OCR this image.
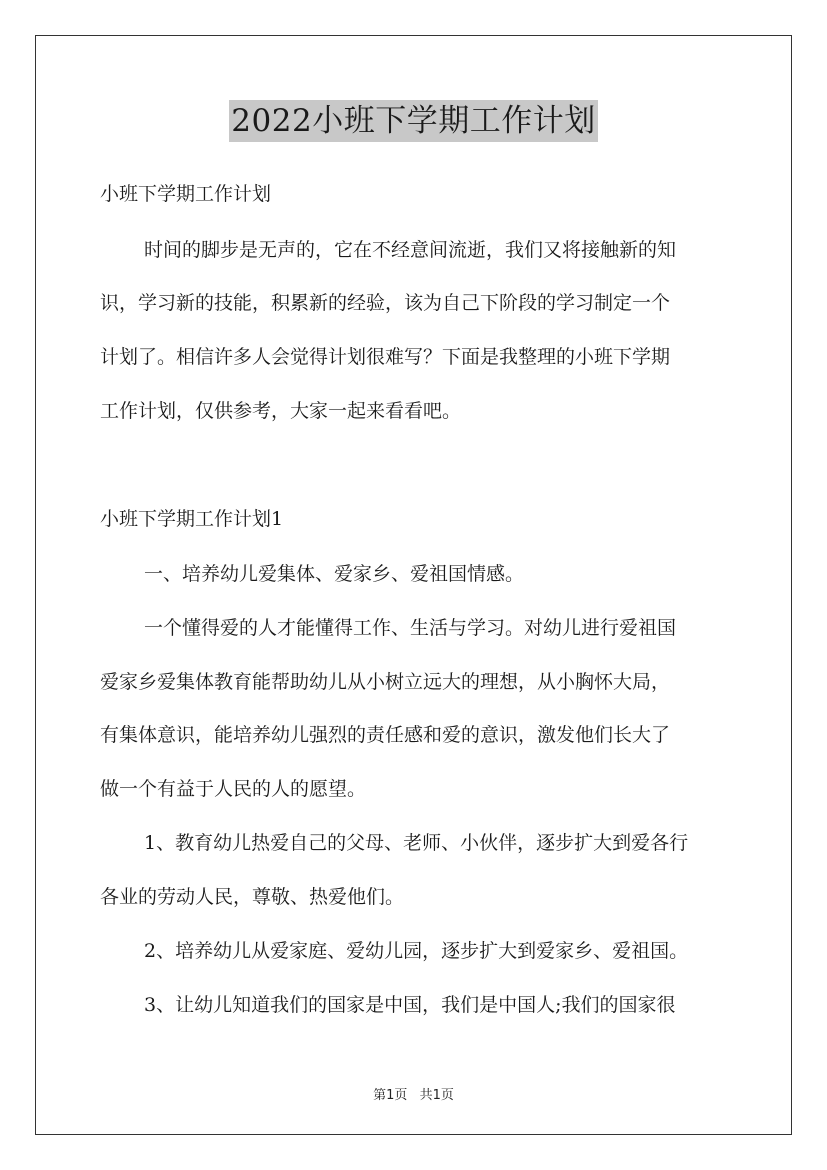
2022小班下学期工作计划
小班下学期工作计划
时间的脚步是无声的，它在不经意间流逝，我们又将接触新的知
识，学习新的技能，积累新的经验，该为自己下阶段的学习制定一个
计划了。相信许多人会觉得计划很难写？下面是我整理的小班下学期
工作计划，仅供参考，大家一起来看看吧。
小班下学期工作计划1
一、培养幼儿爱集体、爱家乡、爱祖国情感。
一个懂得爱的人才能懂得工作、生活与学习。对幼儿进行爱祖国
爱家乡爱集体教育能帮助幼儿从小树立远大的理想，从小胸怀大局，
有集体意识，能培养幼儿强烈的责任感和爱的意识，激发他们长大了
做一个有益于人民的人的愿望。
1、教育幼儿热爱自己的父母、老师、小伙伴，逐步扩大到爱各行
各业的劳动人民，尊敬、热爱他们。
2、培养幼儿从爱家庭、爱幼儿园，逐步扩大到爱家乡、爱祖国。
3、让幼儿知道我们的国家是中国，我们是中国人;我们的国家很
第1页 共1页
